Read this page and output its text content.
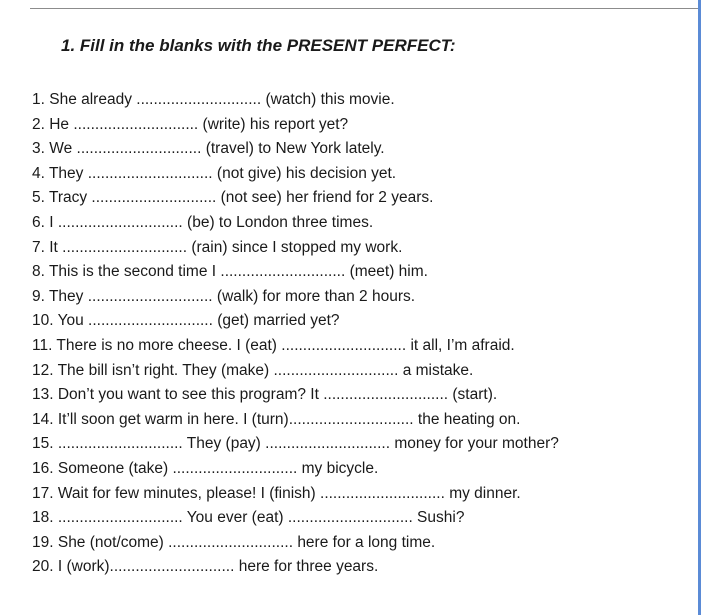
1. Fill in the blanks with the PRESENT PERFECT:
1. She already ............................. (watch) this movie.
2. He ............................. (write) his report yet?
3. We ............................. (travel) to New York lately.
4. They ............................. (not give) his decision yet.
5. Tracy ............................. (not see) her friend for 2 years.
6. I ............................. (be) to London three times.
7. It ............................. (rain) since I stopped my work.
8. This is the second time I ............................. (meet) him.
9. They ............................. (walk) for more than 2 hours.
10. You ............................. (get) married yet?
11. There is no more cheese. I (eat) ............................. it all, I’m afraid.
12. The bill isn’t right. They (make) ............................. a mistake.
13. Don’t you want to see this program? It ............................. (start).
14. It’ll soon get warm in here. I (turn)............................. the heating on.
15. ............................. They (pay) ............................. money for your mother?
16. Someone (take) ............................. my bicycle.
17. Wait for few minutes, please! I (finish) ............................. my dinner.
18. ............................. You ever (eat) ............................. Sushi?
19. She (not/come) ............................. here for a long time.
20. I (work)............................. here for three years.
